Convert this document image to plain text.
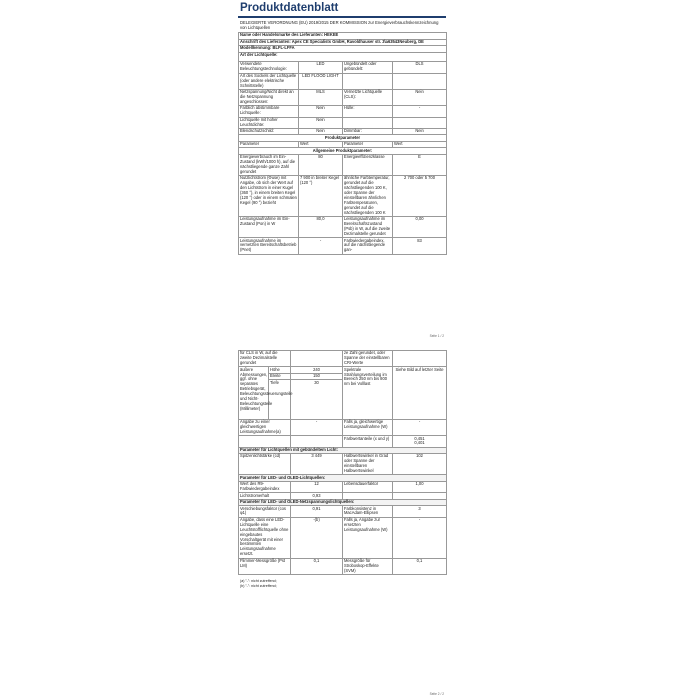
Produktdatenblatt
DELEGIERTE VERORDNUNG (EU) 2019/2015 DER KOMMISSION zur Energieverbrauchskennzeichnung von Lichtquellen
Name oder Handelsmarke des Lieferanten: HEKEE			
Anschrift des Lieferanten: Apex CE Specialists GmbH, Ravoldhauser str. 3\a63543Neuberg, DE			
Modellkennung: BLFL-LFFA			
Art der Lichtquelle:			
Verwendete Beleuchtungstechnologie:	LED	Ungebündelt oder gebündelt:	DLS
Art des Sockels der Lichtquelle (oder andere elektrische Schnittstelle)	LED FLOOD LIGHT		
Netzspannung/Nicht direkt an die Netzspannung angeschlossen:	MLS	Vernetzte Lichtquelle (CLS):	Nein
Farblich abstimmbare Lichtquelle:	Nein	Hülle:	-
Lichtquelle mit hoher Leuchtdichte:	Nein		
Blendschutzschild:	Nein	Dimmbar:	Nein
Produktparameter			
Parameter	Wert	Parameter	Wert
Allgemeine Produktparameter:			
Energieverbrauch im Ein-Zustand (kWh/1000 h), auf die nächstliegende ganze Zahl gerundet	80	Energieeffizienzklasse	E
Nutzlichtstrom (Φuse) mit Angabe, ob sich der Wert auf den Lichtstrom in einer Kugel (360 °), in einem breiten Kegel (120 °) oder in einem schmalen Kegel (90 °) bezieht	7 900 in breiter Kegel (120 °)	ähnliche Farbtemperatur, gerundet auf die nächstliegenden 100 K, oder Spanne der einstellbaren ähnlichen Farbtemperaturen, gerundet auf die nächstliegenden 100 K	2 700 oder 5 700
Leistungsaufnahme im Ein-Zustand (Pon) in W	80,0	Leistungsaufnahme im Bereitschaftszustand (Psb) in W, auf die zweite Dezimalstelle gerundet	0,00
Leistungsaufnahme im vernetzten Bereitschaftsbetrieb (Pnet)	-	Farbwiedergabeindex, auf die nächstliegende gan-	83
Seite 1 / 2
für CLS in W, auf die zweite Dezimalstelle gerundet			ze Zahl gerundet, oder Spanne der einstellbaren CRI-Werte	
äußere Abmessungen, ggf. ohne separates Betriebsgerät, Beleuchtungssteuerungsteile und Nicht-Beleuchtungsteile (Millimeter)	Höhe	240	Spektrale Strahlungsverteilung im Bereich 250 nm bis 800 nm bei Volllast	Siehe Bild auf letzter Seite
	Breite	150		
	Tiefe	30		
Angabe zu einer gleichwertigen Leistungsaufnahme(a)		-	Falls ja, gleichwertige Leistungsaufnahme (W)	-
			Farbwertanteile (x und y)	0,451
0,401
Parameter für Lichtquellen mit gebündeltem Licht:				
Spitzenlichtstärke (cd)		3 449	Halbwertswinkel in Grad oder Spanne der einstellbaren Halbwertswinkel	102
Parameter für LED- und OLED-Lichtquellen:				
Wert des R9-Farbwiedergabeindex		12	Lebensdauerfaktor	1,00
Lichtstromerhalt		0,93		
Parameter für LED- und OLED-Netzspannungslichtquellen:				
Verschiebungsfaktor (cos φ1)		0,91	Farbkonsistenz in MacAdam-Ellipsen	3
Angabe, dass eine LED-Lichtquelle eine Leuchtstofflichtquelle ohne eingebautes Vorschaltgerät mit einer bestimmten Leistungsaufnahme ersetzt.		-(b)	Falls ja, Angabe zur ersetzten Leistungsaufnahme (W)	-
Flimmer-Messgröße (Pst LM)		0,1	Messgröße für Stroboskop-Effekte (SVM)	0,1
(a) "-": nicht zutreffend;
(b) "-": nicht zutreffend;
Seite 2 / 2
